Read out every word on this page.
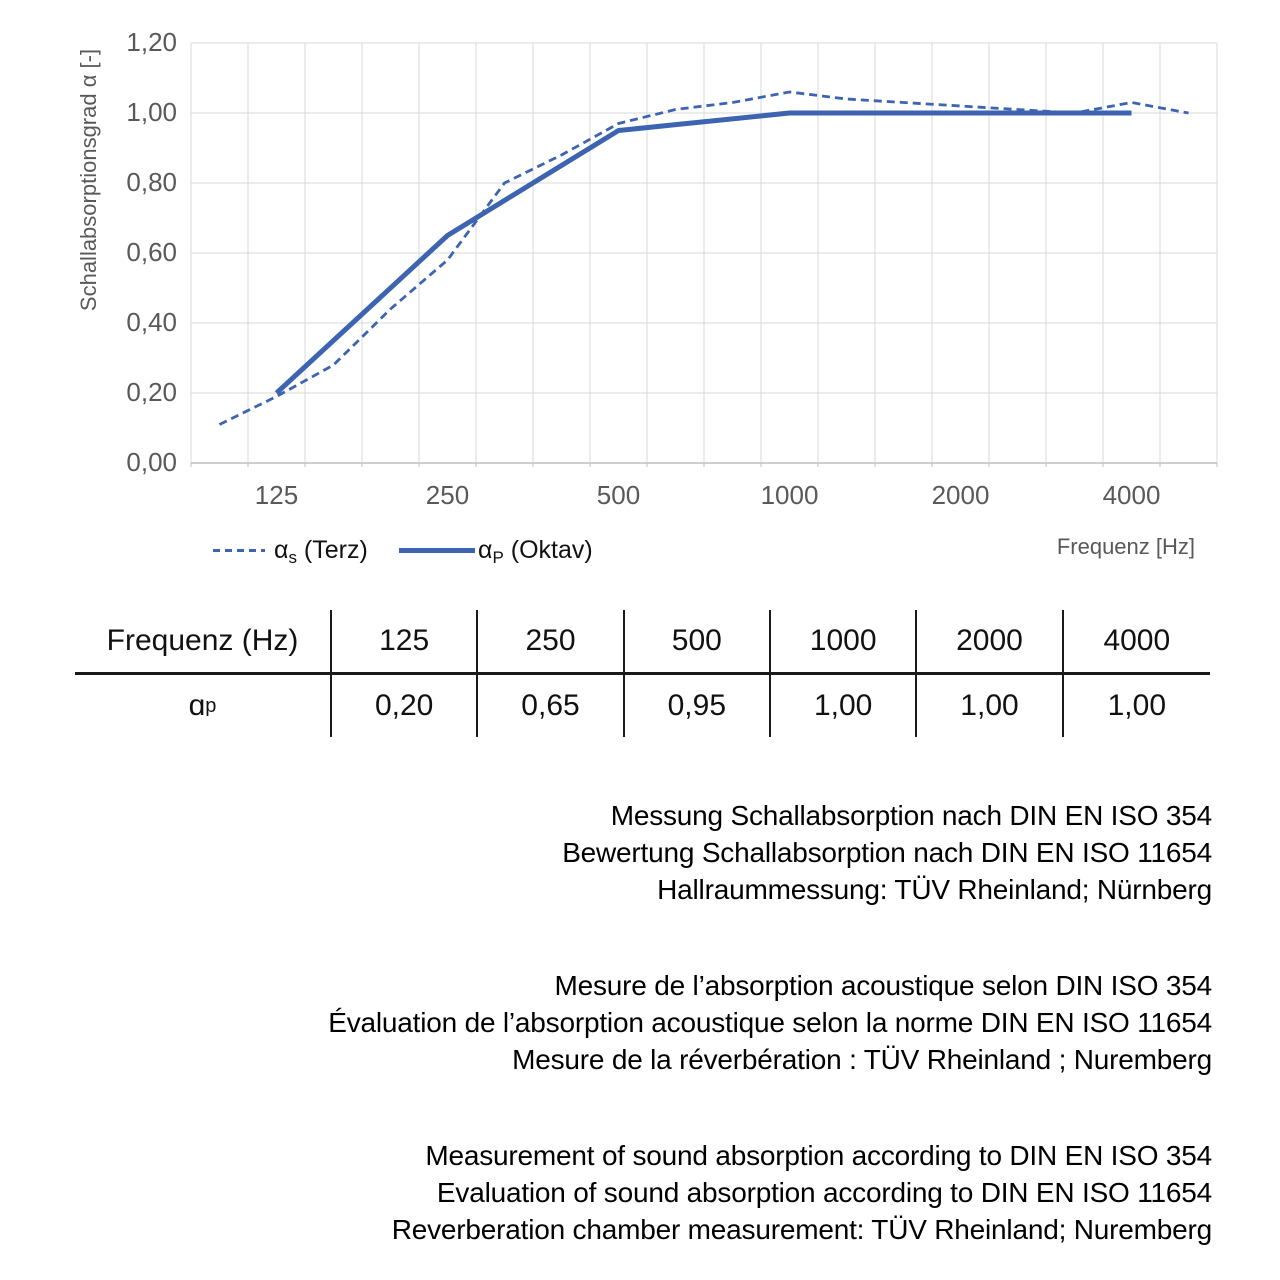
Schallabsorptionsgrad α [-]
0,00
0,20
0,40
0,60
0,80
1,00
1,20
125	250	500	1000	2000	4000
$\alpha_s$ (Terz)	$\alpha_P$ (Oktav)	Frequenz [Hz]
Frequenz (Hz)	125	250	500	1000	2000	4000
ɑ p	0,20	0,65	0,95	1,00	1,00	1,00
Messung Schallabsorption nach DIN EN ISO 354
Bewertung Schallabsorption nach DIN EN ISO 11654
Hallraummessung: TÜV Rheinland; Nürnberg
Mesure de l’absorption acoustique selon DIN ISO 354
Évaluation de l’absorption acoustique selon la norme DIN EN ISO 11654
Mesure de la réverbération : TÜV Rheinland ; Nuremberg
Measurement of sound absorption according to DIN EN ISO 354
Evaluation of sound absorption according to DIN EN ISO 11654
Reverberation chamber measurement: TÜV Rheinland; Nuremberg
